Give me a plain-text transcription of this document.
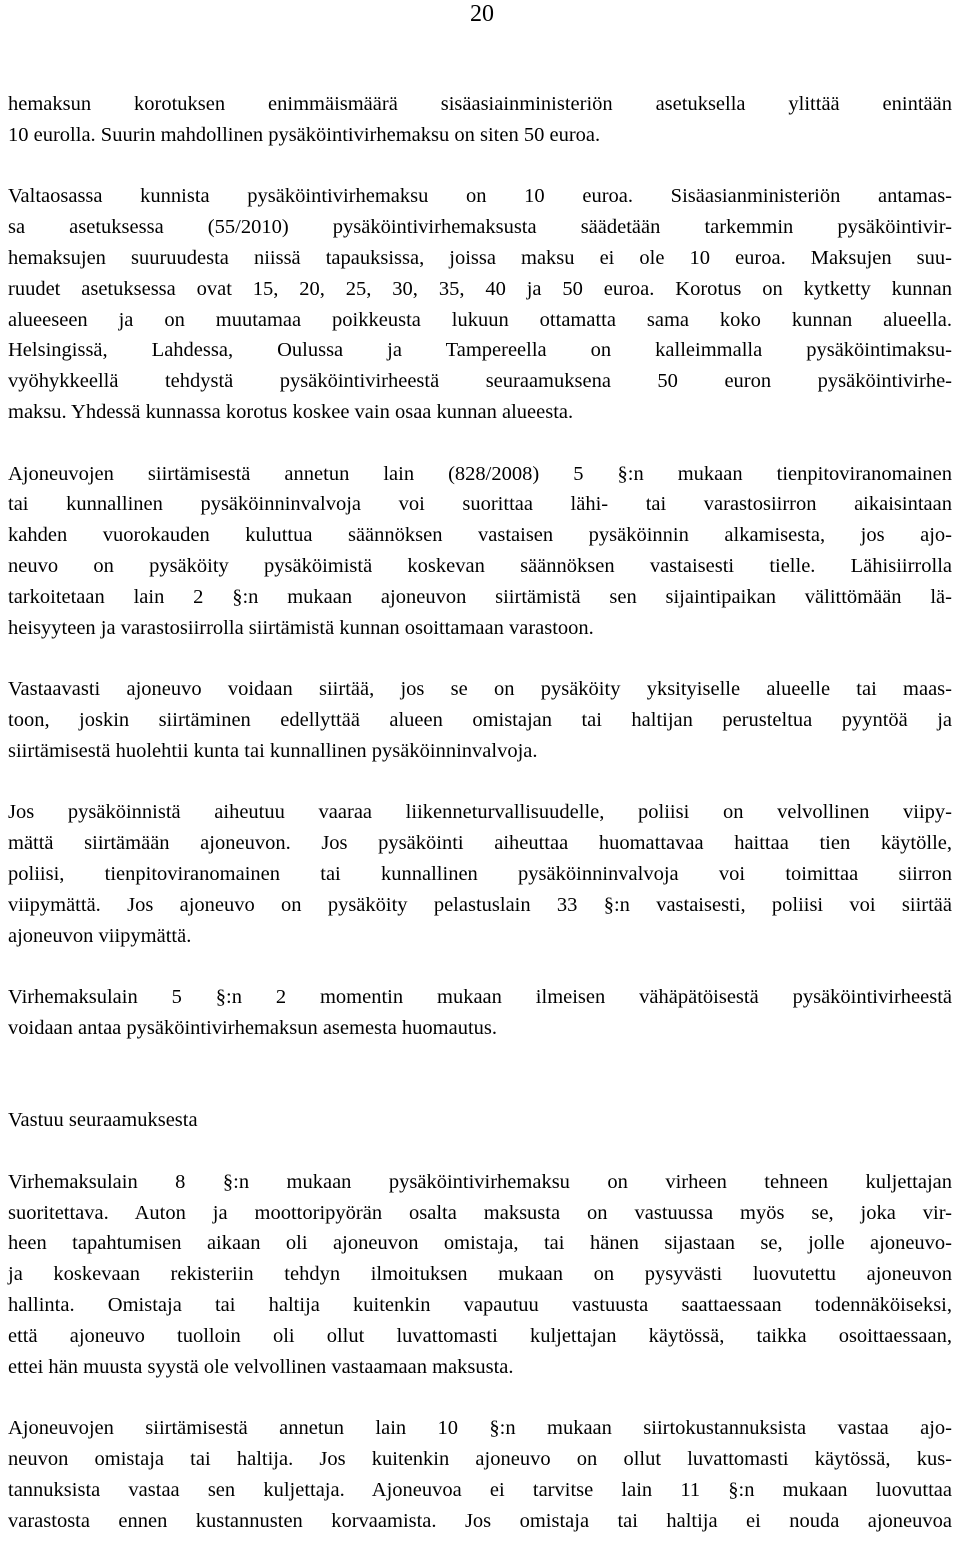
20
hemaksun korotuksen enimmäismäärä sisäasiainministeriön asetuksella ylittää enintään
10 eurolla. Suurin mahdollinen pysäköintivirhemaksu on siten 50 euroa.
Valtaosassa kunnista pysäköintivirhemaksu on 10 euroa. Sisäasianministeriön antamas-
sa asetuksessa (55/2010) pysäköintivirhemaksusta säädetään tarkemmin pysäköintivir-
hemaksujen suuruudesta niissä tapauksissa, joissa maksu ei ole 10 euroa. Maksujen suu-
ruudet asetuksessa ovat 15, 20, 25, 30, 35, 40 ja 50 euroa. Korotus on kytketty kunnan
alueeseen ja on muutamaa poikkeusta lukuun ottamatta sama koko kunnan alueella.
Helsingissä, Lahdessa, Oulussa ja Tampereella on kalleimmalla pysäköintimaksu-
vyöhykkeellä tehdystä pysäköintivirheestä seuraamuksena 50 euron pysäköintivirhe-
maksu. Yhdessä kunnassa korotus koskee vain osaa kunnan alueesta.
Ajoneuvojen siirtämisestä annetun lain (828/2008) 5 §:n mukaan tienpitoviranomainen
tai kunnallinen pysäköinninvalvoja voi suorittaa lähi- tai varastosiirron aikaisintaan
kahden vuorokauden kuluttua säännöksen vastaisen pysäköinnin alkamisesta, jos ajo-
neuvo on pysäköity pysäköimistä koskevan säännöksen vastaisesti tielle. Lähisiirrolla
tarkoitetaan lain 2 §:n mukaan ajoneuvon siirtämistä sen sijaintipaikan välittömään lä-
heisyyteen ja varastosiirrolla siirtämistä kunnan osoittamaan varastoon.
Vastaavasti ajoneuvo voidaan siirtää, jos se on pysäköity yksityiselle alueelle tai maas-
toon, joskin siirtäminen edellyttää alueen omistajan tai haltijan perusteltua pyyntöä ja
siirtämisestä huolehtii kunta tai kunnallinen pysäköinninvalvoja.
Jos pysäköinnistä aiheutuu vaaraa liikenneturvallisuudelle, poliisi on velvollinen viipy-
mättä siirtämään ajoneuvon. Jos pysäköinti aiheuttaa huomattavaa haittaa tien käytölle,
poliisi, tienpitoviranomainen tai kunnallinen pysäköinninvalvoja voi toimittaa siirron
viipymättä. Jos ajoneuvo on pysäköity pelastuslain 33 §:n vastaisesti, poliisi voi siirtää
ajoneuvon viipymättä.
Virhemaksulain 5 §:n 2 momentin mukaan ilmeisen vähäpätöisestä pysäköintivirheestä
voidaan antaa pysäköintivirhemaksun asemesta huomautus.
Vastuu seuraamuksesta
Virhemaksulain 8 §:n mukaan pysäköintivirhemaksu on virheen tehneen kuljettajan
suoritettava. Auton ja moottoripyörän osalta maksusta on vastuussa myös se, joka vir-
heen tapahtumisen aikaan oli ajoneuvon omistaja, tai hänen sijastaan se, jolle ajoneuvo-
ja koskevaan rekisteriin tehdyn ilmoituksen mukaan on pysyvästi luovutettu ajoneuvon
hallinta. Omistaja tai haltija kuitenkin vapautuu vastuusta saattaessaan todennäköiseksi,
että ajoneuvo tuolloin oli ollut luvattomasti kuljettajan käytössä, taikka osoittaessaan,
ettei hän muusta syystä ole velvollinen vastaamaan maksusta.
Ajoneuvojen siirtämisestä annetun lain 10 §:n mukaan siirtokustannuksista vastaa ajo-
neuvon omistaja tai haltija. Jos kuitenkin ajoneuvo on ollut luvattomasti käytössä, kus-
tannuksista vastaa sen kuljettaja. Ajoneuvoa ei tarvitse lain 11 §:n mukaan luovuttaa
varastosta ennen kustannusten korvaamista. Jos omistaja tai haltija ei nouda ajoneuvoa
